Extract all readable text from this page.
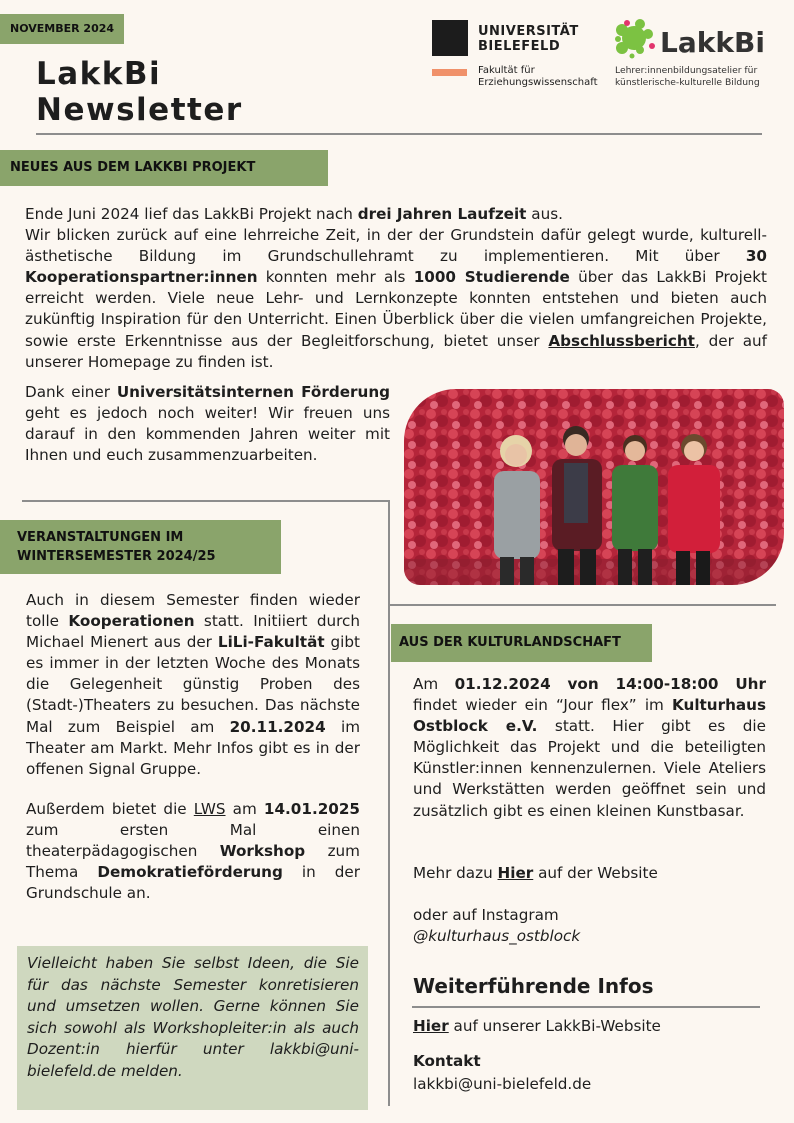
NOVEMBER 2024
LakkBi
Newsletter
UNIVERSITÄT
BIELEFELD
Fakultät für
Erziehungswissenschaft
LakkBi
Lehrer:innenbildungsatelier für
künstlerische-kulturelle Bildung
NEUES AUS DEM LAKKBI PROJEKT

Ende Juni 2024 lief das LakkBi Projekt nach drei Jahren Laufzeit aus.

Wir blicken zurück auf eine lehrreiche Zeit, in der der Grundstein dafür gelegt wurde, kulturell-ästhetische Bildung im Grundschullehramt zu implementieren. Mit über 30 Kooperationspartner:innen konnten mehr als 1000 Studierende über das LakkBi Projekt erreicht werden. Viele neue Lehr- und Lernkonzepte konnten entstehen und bieten auch zukünftig Inspiration für den Unterricht. Einen Überblick über die vielen umfangreichen Projekte, sowie erste Erkenntnisse aus der Begleitforschung, bietet unser Abschlussbericht, der auf unserer Homepage zu finden ist.

Dank einer Universitätsinternen Förderung geht es jedoch noch weiter! Wir freuen uns darauf in den kommenden Jahren weiter mit Ihnen und euch zusammenzuarbeiten.

VERANSTALTUNGEN IM
WINTERSEMESTER 2024/25
Auch in diesem Semester finden wieder tolle Kooperationen statt. Initiiert durch Michael Mienert aus der LiLi-Fakultät gibt es immer in der letzten Woche des Monats die Gelegenheit günstig Proben des (Stadt-)Theaters zu besuchen. Das nächste Mal zum Beispiel am 20.11.2024 im Theater am Markt. Mehr Infos gibt es in der offenen Signal Gruppe.
Außerdem bietet die LWS am 14.01.2025 zum ersten Mal einen theaterpädagogischen Workshop zum Thema Demokratieförderung in der Grundschule an.
Vielleicht haben Sie selbst Ideen, die Sie für das nächste Semester konretisieren und umsetzen wollen. Gerne können Sie sich sowohl als Workshopleiter:in als auch Dozent:in hierfür unter lakkbi@uni-bielefeld.de melden.
AUS DER KULTURLANDSCHAFT
Am 01.12.2024 von 14:00-18:00 Uhr findet wieder ein “Jour flex” im Kulturhaus Ostblock e.V. statt. Hier gibt es die Möglichkeit das Projekt und die beteiligten Künstler:innen kennenzulernen. Viele Ateliers und Werkstätten werden geöffnet sein und zusätzlich gibt es einen kleinen Kunstbasar.
Mehr dazu Hier auf der Website
oder auf Instagram
@kulturhaus_ostblock
Weiterführende Infos
Hier auf unserer LakkBi-Website
Kontakt
lakkbi@uni-bielefeld.de
